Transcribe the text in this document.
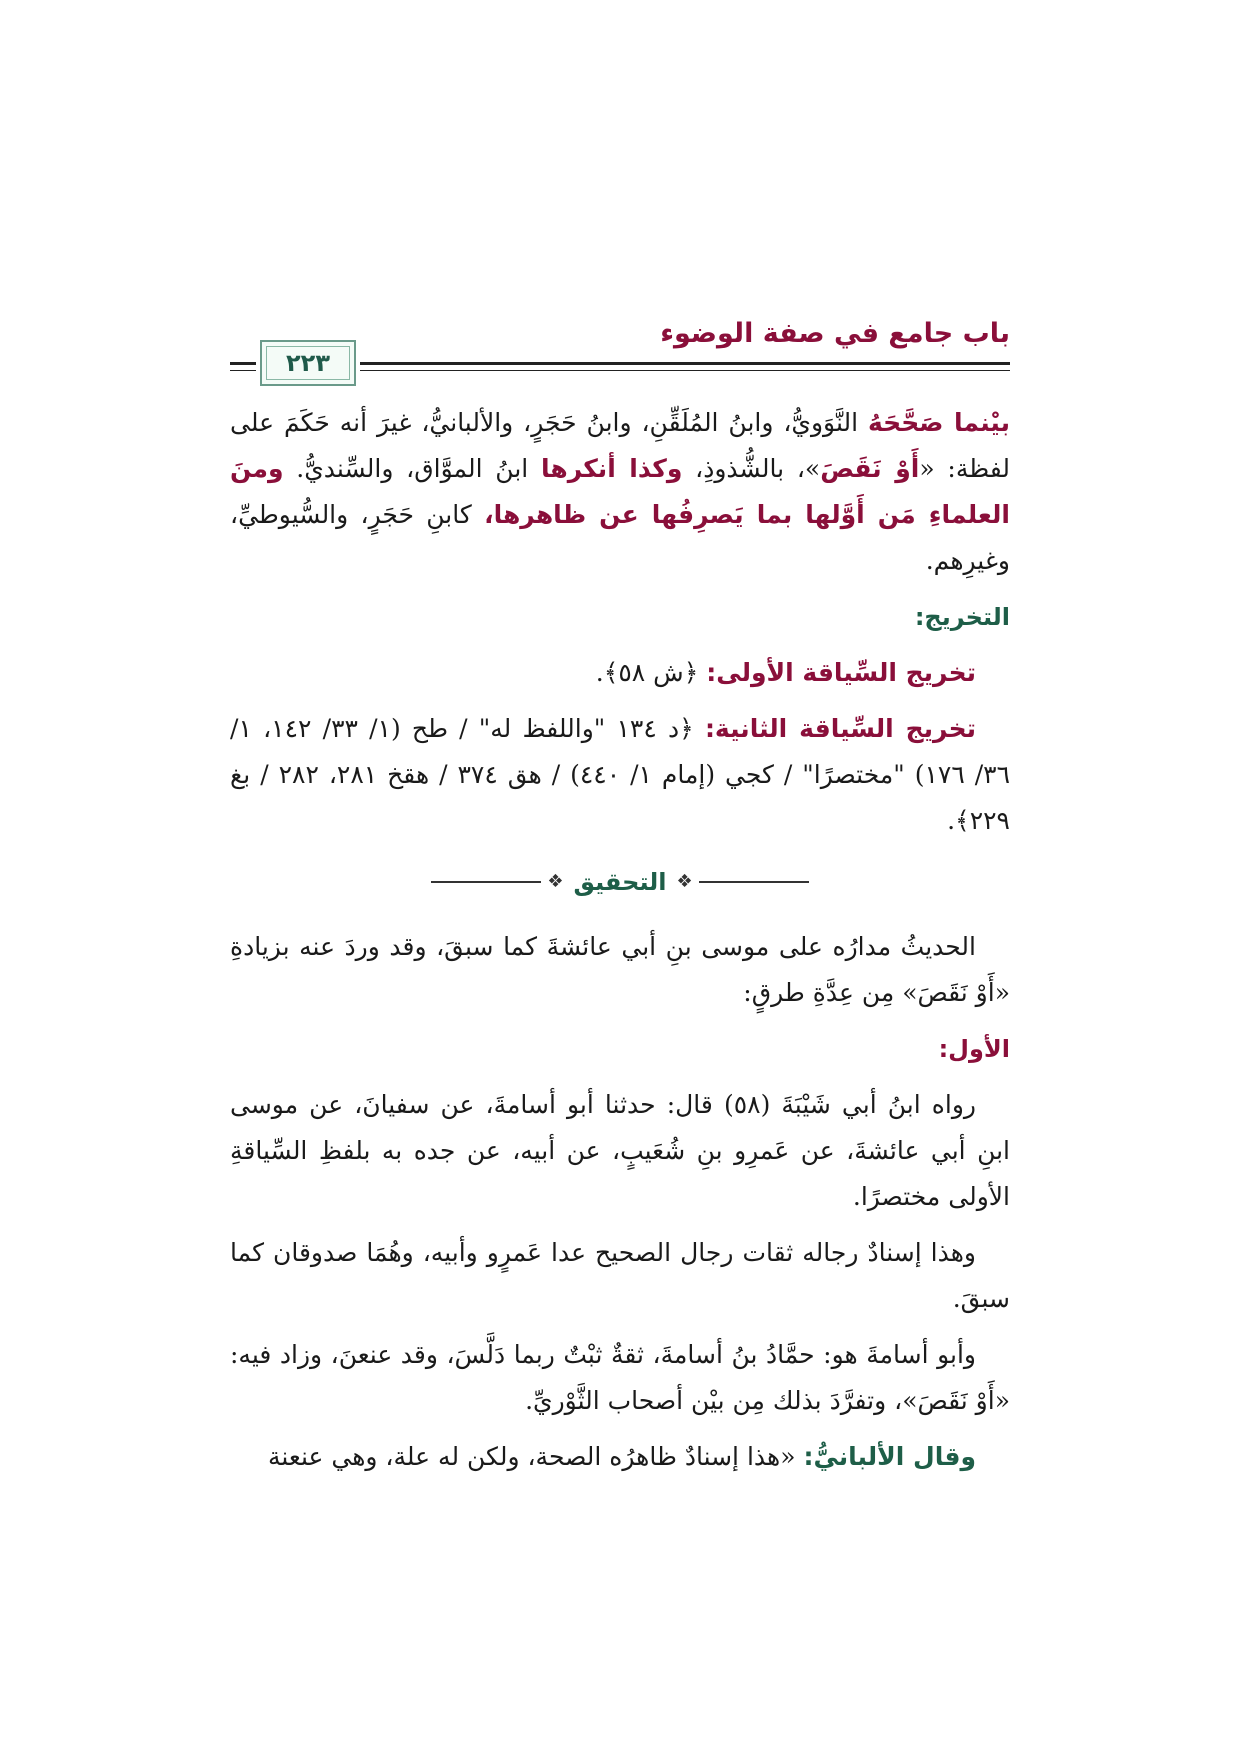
باب جامع في صفة الوضوء
٢٢٣

بيْنما صَحَّحَهُ النَّوَويُّ، وابنُ المُلَقِّنِ، وابنُ حَجَرٍ، والألبانيُّ، غيرَ أنه حَكَمَ على لفظة: «أَوْ نَقَصَ»، بالشُّذوذِ، وكذا أنكرها ابنُ الموَّاق، والسِّنديُّ. ومنَ العلماءِ مَن أَوَّلها بما يَصرِفُها عن ظاهرها، كابنِ حَجَرٍ، والسُّيوطيِّ، وغيرِهم.

التخريج:

تخريج السِّياقة الأولى: ﴿ش ٥٨﴾.

تخريج السِّياقة الثانية: ﴿د ١٣٤ "واللفظ له" / طح (١/ ٣٣/ ١٤٢، ١/ ٣٦/ ١٧٦) "مختصرًا" / كجي (إمام ١/ ٤٤٠) / هق ٣٧٤ / هقخ ٢٨١، ٢٨٢ / بغ ٢٢٩﴾.

❖ التحقيق ❖

الحديثُ مدارُه على موسى بنِ أبي عائشةَ كما سبقَ، وقد وردَ عنه بزيادةِ «أَوْ نَقَصَ» مِن عِدَّةِ طرقٍ:

الأول:

رواه ابنُ أبي شَيْبَةَ (٥٨) قال: حدثنا أبو أسامةَ، عن سفيانَ، عن موسى ابنِ أبي عائشةَ، عن عَمرِو بنِ شُعَيبٍ، عن أبيه، عن جده به بلفظِ السِّياقةِ الأولى مختصرًا.

وهذا إسنادٌ رجاله ثقات رجال الصحيح عدا عَمرٍو وأبيه، وهُمَا صدوقان كما سبقَ.

وأبو أسامةَ هو: حمَّادُ بنُ أسامةَ، ثقةٌ ثبْتٌ ربما دَلَّسَ، وقد عنعنَ، وزاد فيه: «أَوْ نَقَصَ»، وتفرَّدَ بذلك مِن بيْن أصحاب الثَّوْريِّ.

وقال الألبانيُّ: «هذا إسنادٌ ظاهرُه الصحة، ولكن له علة، وهي عنعنة
